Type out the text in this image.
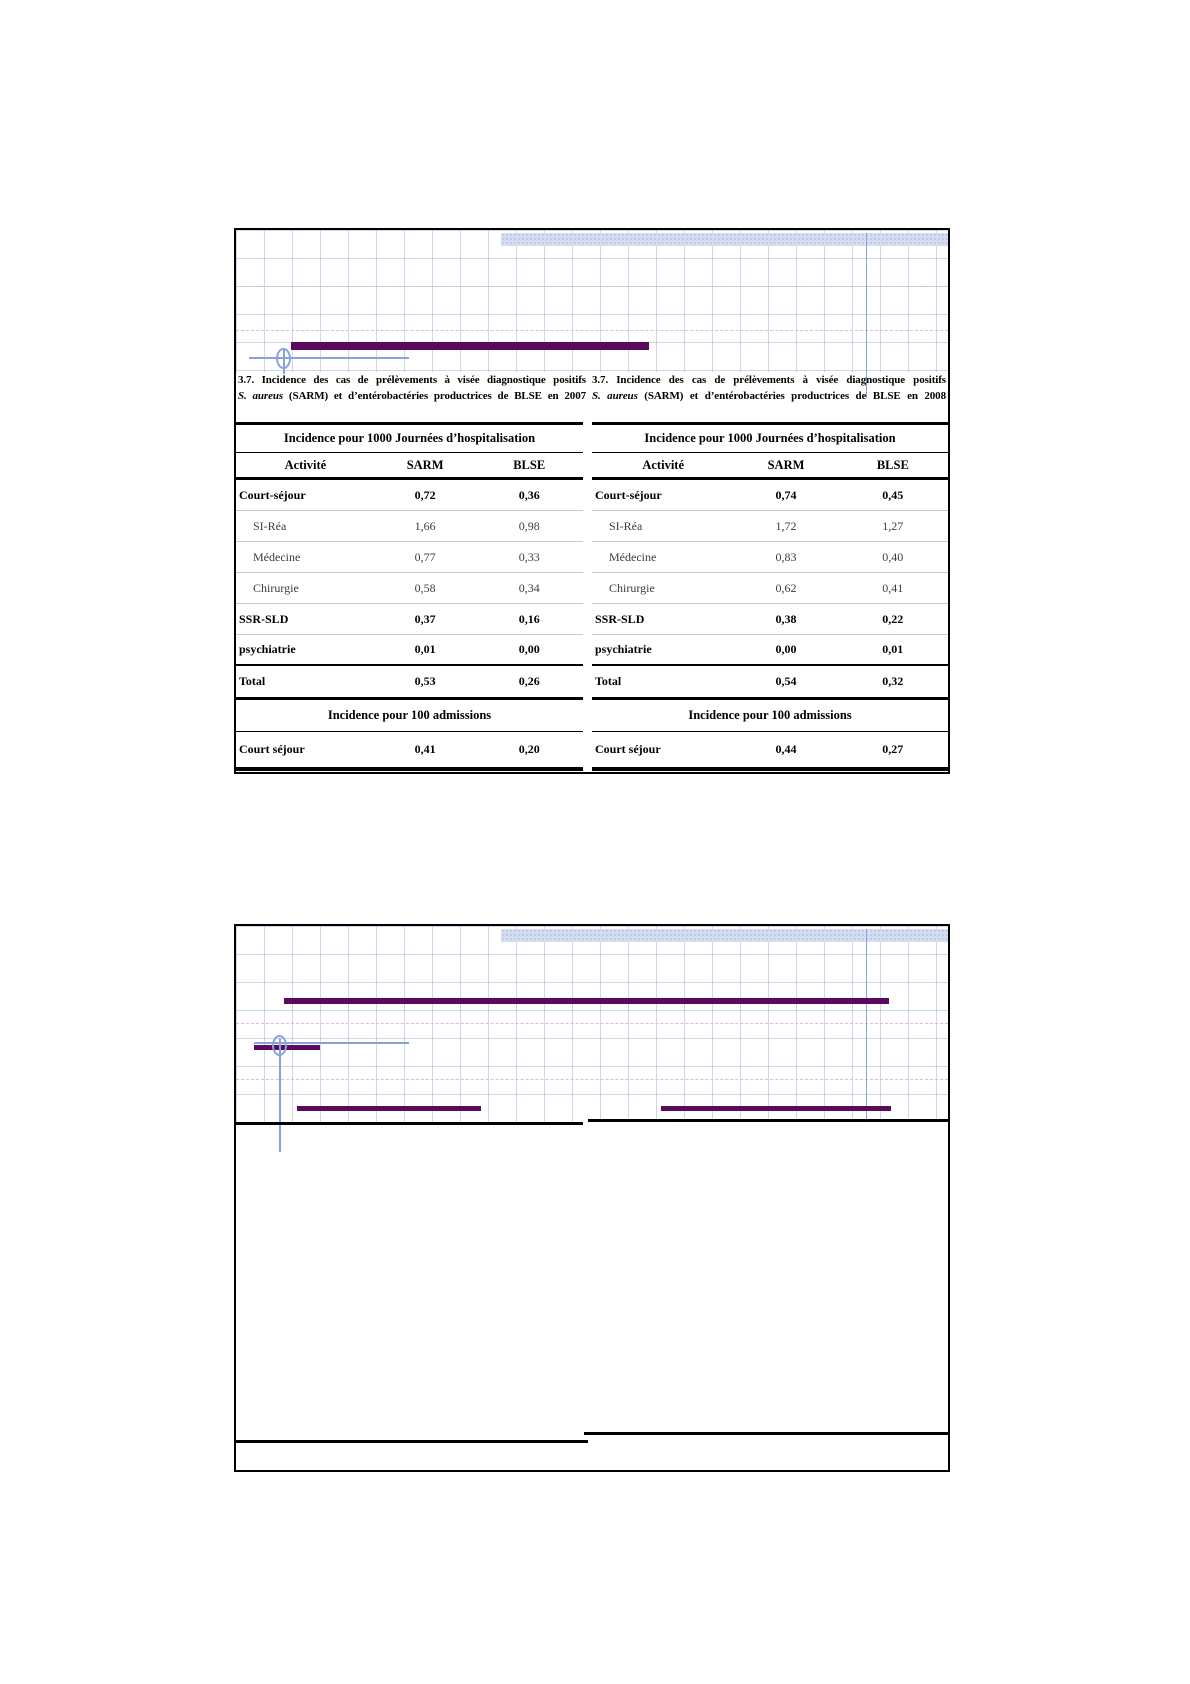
3.7. Incidence des cas de prélèvements à visée diagnostique positifs
S. aureus (SARM) et d’entérobactéries productrices de BLSE en 2007
3.7. Incidence des cas de prélèvements à visée diagnostique positifs
S. aureus (SARM) et d’entérobactéries productrices de BLSE en 2008
Incidence pour 1000 Journées d’hospitalisation
Activité	SARM	BLSE
Court-séjour	0,72	0,36
SI-Réa	1,66	0,98
Médecine	0,77	0,33
Chirurgie	0,58	0,34
SSR-SLD	0,37	0,16
psychiatrie	0,01	0,00
Total	0,53	0,26
Incidence pour 100 admissions
Court séjour	0,41	0,20
Incidence pour 1000 Journées d’hospitalisation
Activité	SARM	BLSE
Court-séjour	0,74	0,45
SI-Réa	1,72	1,27
Médecine	0,83	0,40
Chirurgie	0,62	0,41
SSR-SLD	0,38	0,22
psychiatrie	0,00	0,01
Total	0,54	0,32
Incidence pour 100 admissions
Court séjour	0,44	0,27
